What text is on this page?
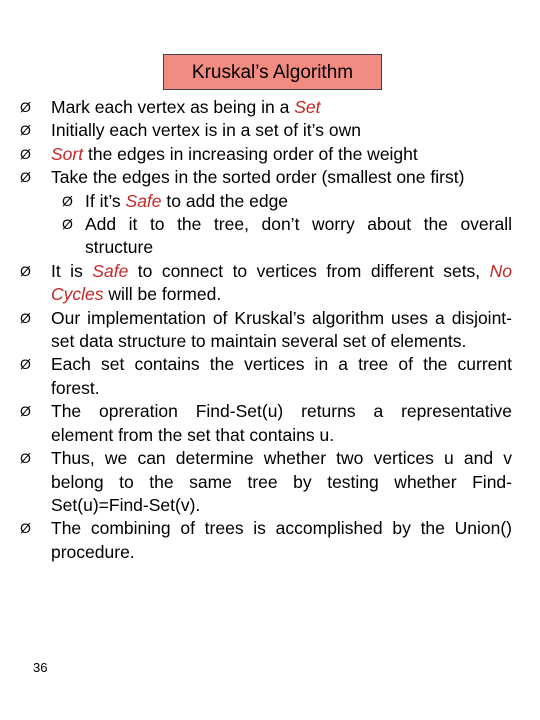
Kruskal’s Algorithm
Ø Mark each vertex as being in a Set
Ø Initially each vertex is in a set of it’s own
Ø Sort the edges in increasing order of the weight
Ø Take the edges in the sorted order (smallest one first)
Ø If it’s Safe to add the edge
Ø Add it to the tree, don’t worry about the overall structure
Ø It is Safe to connect to vertices from different sets, No Cycles will be formed.
Ø Our implementation of Kruskal’s algorithm uses a disjoint-set data structure to maintain several set of elements.
Ø Each set contains the vertices in a tree of the current forest.
Ø The opreration Find-Set(u) returns a representative element from the set that contains u.
Ø Thus, we can determine whether two vertices u and v belong to the same tree by testing whether Find-Set(u)=Find-Set(v).
Ø The combining of trees is accomplished by the Union() procedure.
36
